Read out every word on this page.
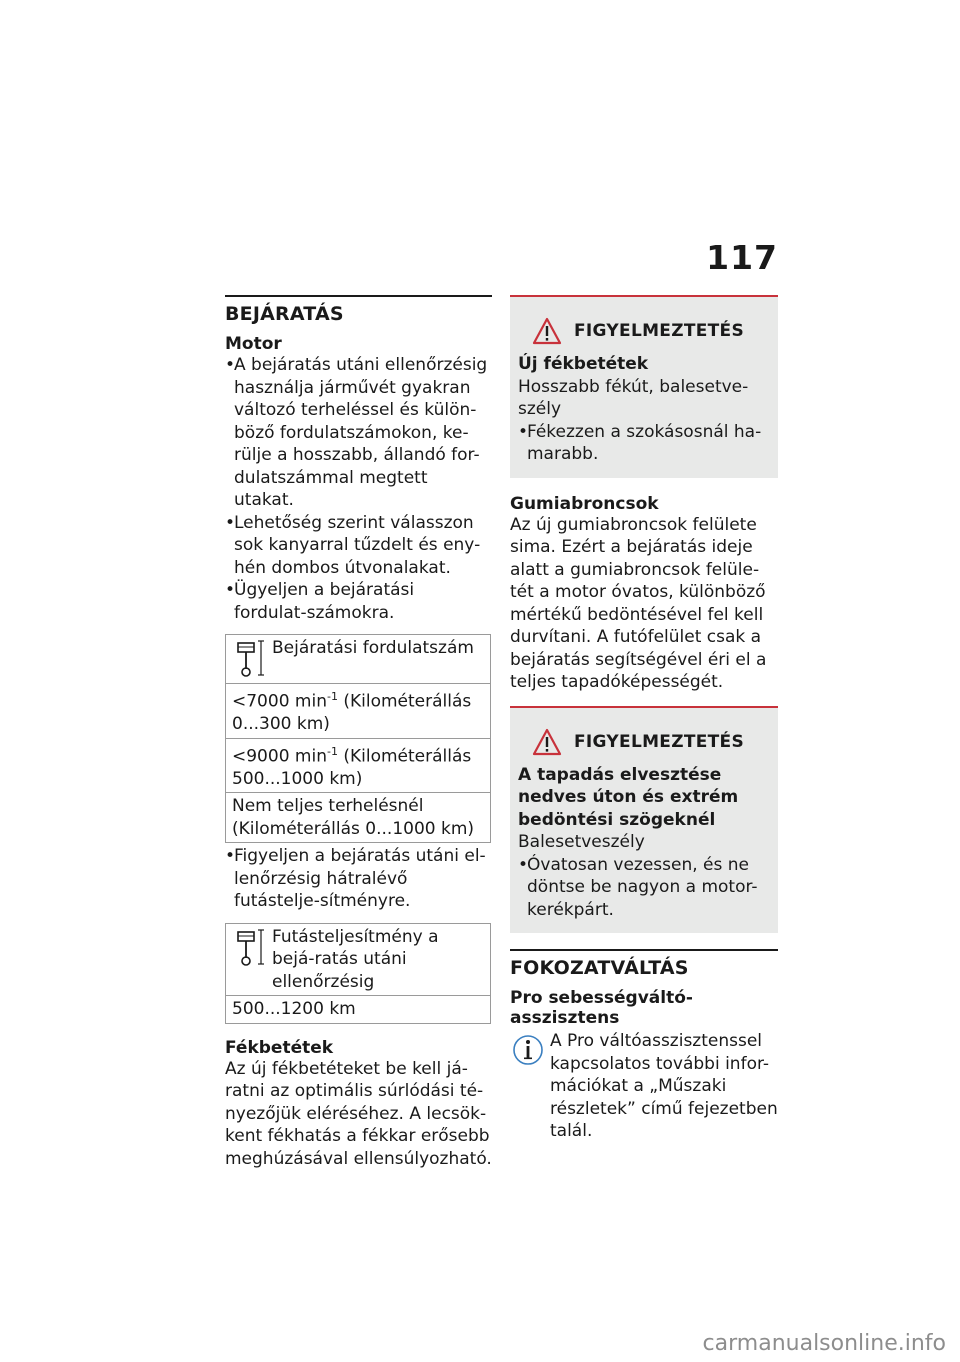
117
BEJÁRATÁS
Motor
• A bejáratás utáni ellenőrzésig használja járművét gyakran változó terheléssel és külön-böző fordulatszámokon, ke-rülje a hosszabb, állandó for-dulatszámmal megtett utakat.
• Lehetőség szerint válasszon sok kanyarral tűzdelt és eny-hén dombos útvonalakat.
• Ügyeljen a bejáratási fordulat-számokra.
Bejáratási fordulatszám

<7000 $\min^{-1}$ (Kilométerállás 0...300 km)
<9000 $\min^{-1}$ (Kilométerállás 500...1000 km)
Nem teljes terhelésnél (Kilométerállás 0...1000 km)
• Figyeljen a bejáratás utáni el-lenőrzésig hátralévő futástelje-sítményre.
Futásteljesítmény a bejá-ratás utáni ellenőrzésig

500...1200 km
Fékbetétek

Az új fékbetéteket be kell já-ratni az optimális súrlódási té-nyezőjük eléréséhez. A lecsök-kent fékhatás a fékkar erősebb meghúzásával ellensúlyozható.

FIGYELMEZTETÉS
Új fékbetétek

Hosszabb fékút, balesetve-szély

• Fékezzen a szokásosnál ha-marabb.
Gumiabroncsok

Az új gumiabroncsok felülete sima. Ezért a bejáratás ideje alatt a gumiabroncsok felüle-tét a motor óvatos, különböző mértékű bedöntésével fel kell durvítani. A futófelület csak a bejáratás segítségével éri el a teljes tapadóképességét.

FIGYELMEZTETÉS
A tapadás elvesztése nedves úton és extrém bedöntési szögeknél

Balesetveszély

• Óvatosan vezessen, és ne döntse be nagyon a motor-kerékpárt.
FOKOZATVÁLTÁS
Pro sebességváltó-asszisztens

A Pro váltóasszisztenssel kapcsolatos további infor-mációkat a „Műszaki részletek” című fejezetben talál.

carmanualsonline.info
